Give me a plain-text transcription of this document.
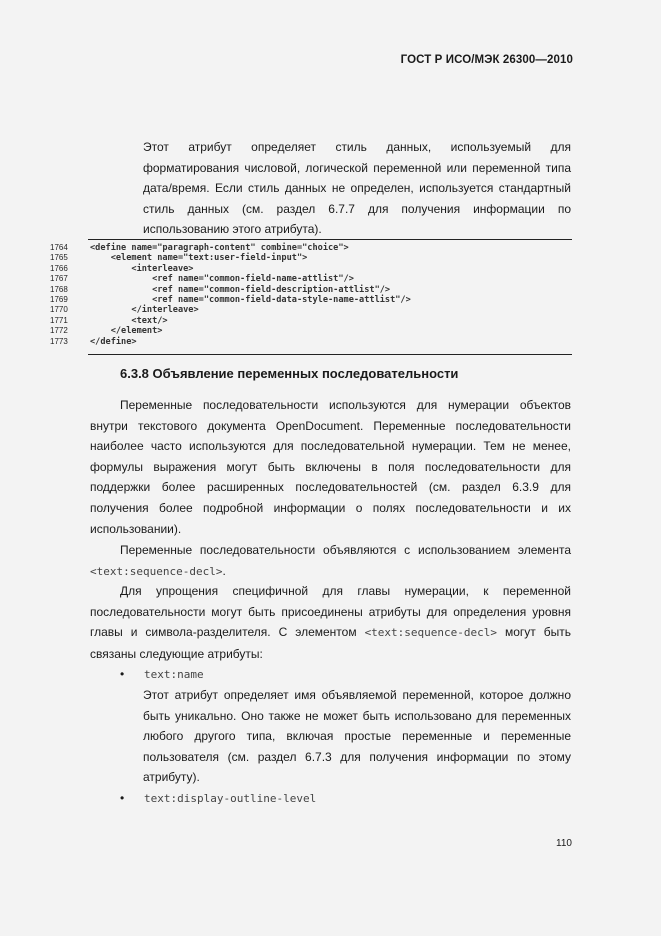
ГОСТ Р ИСО/МЭК 26300—2010

Этот атрибут определяет стиль данных, используемый для форматирования числовой, логической переменной или переменной типа дата/время. Если стиль данных не определен, используется стандартный стиль данных (см. раздел 6.7.7 для получения информации по использованию этого атрибута).

1764	<define name="paragraph-content" combine="choice">
1765	<element name="text:user-field-input">
1766	<interleave>
1767	<ref name="common-field-name-attlist"/>
1768	<ref name="common-field-description-attlist"/>
1769	<ref name="common-field-data-style-name-attlist"/>
1770	</interleave>
1771	<text/>
1772	</element>
1773	</define>
6.3.8 Объявление переменных последовательности

Переменные последовательности используются для нумерации объектов внутри текстового документа OpenDocument. Переменные последовательности наиболее часто используются для последовательной нумерации. Тем не менее, формулы выражения могут быть включены в поля последовательности для поддержки более расширенных последовательностей (см. раздел 6.3.9 для получения более подробной информации о полях последовательности и их использовании).

Переменные последовательности объявляются с использованием элемента <text:sequence-decl>.

Для упрощения специфичной для главы нумерации, к переменной последовательности могут быть присоединены атрибуты для определения уровня главы и символа-разделителя. С элементом <text:sequence-decl> могут быть связаны следующие атрибуты:

• text:name

Этот атрибут определяет имя объявляемой переменной, которое должно быть уникально. Оно также не может быть использовано для переменных любого другого типа, включая простые переменные и переменные пользователя (см. раздел 6.7.3 для получения информации по этому атрибуту).

• text:display-outline-level
110
